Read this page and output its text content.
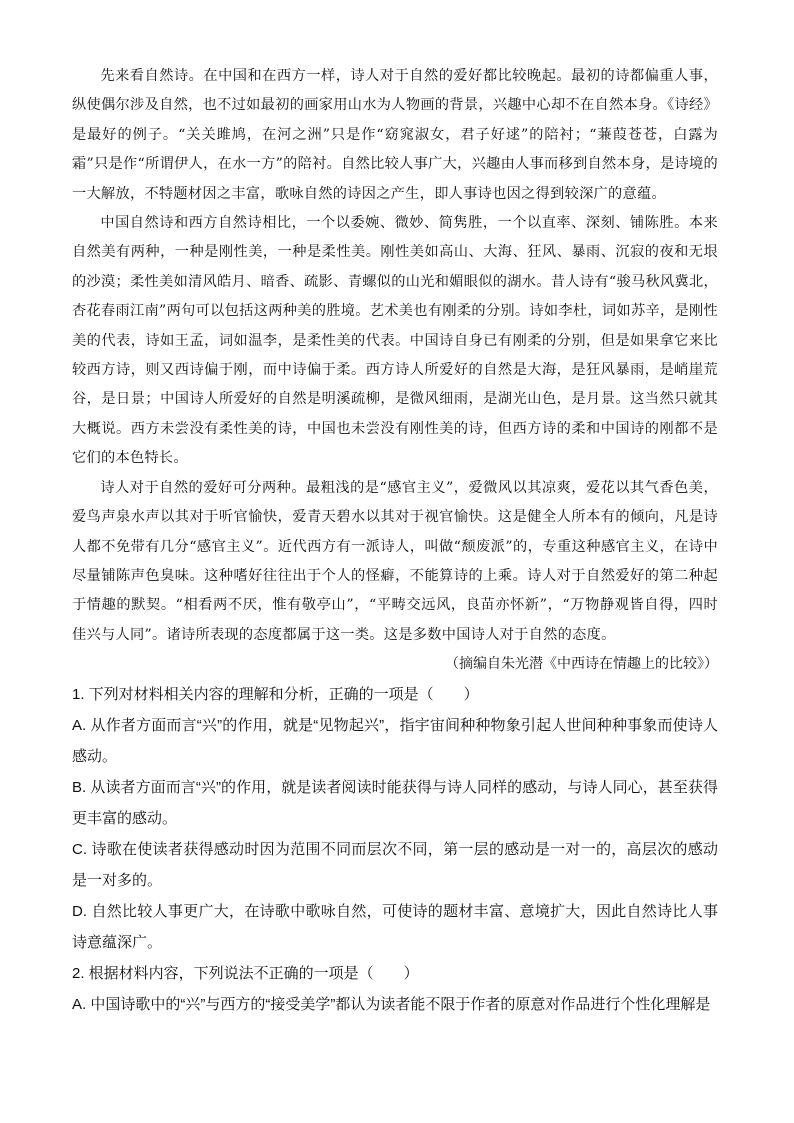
先来看自然诗。在中国和在西方一样，诗人对于自然的爱好都比较晚起。最初的诗都偏重人事，纵使偶尔涉及自然，也不过如最初的画家用山水为人物画的背景，兴趣中心却不在自然本身。《诗经》是最好的例子。“关关雎鸠，在河之洲”只是作“窈窕淑女，君子好逑”的陪衬；“蒹葭苍苍，白露为霜”只是作“所谓伊人，在水一方”的陪衬。自然比较人事广大，兴趣由人事而移到自然本身，是诗境的一大解放，不特题材因之丰富，歌咏自然的诗因之产生，即人事诗也因之得到较深广的意蕴。

中国自然诗和西方自然诗相比，一个以委婉、微妙、简隽胜，一个以直率、深刻、铺陈胜。本来自然美有两种，一种是刚性美，一种是柔性美。刚性美如高山、大海、狂风、暴雨、沉寂的夜和无垠的沙漠；柔性美如清风皓月、暗香、疏影、青螺似的山光和媚眼似的湖水。昔人诗有“骏马秋风冀北，杏花春雨江南”两句可以包括这两种美的胜境。艺术美也有刚柔的分别。诗如李杜，词如苏辛，是刚性美的代表，诗如王孟，词如温李，是柔性美的代表。中国诗自身已有刚柔的分别，但是如果拿它来比较西方诗，则又西诗偏于刚，而中诗偏于柔。西方诗人所爱好的自然是大海，是狂风暴雨，是峭崖荒谷，是日景；中国诗人所爱好的自然是明溪疏柳，是微风细雨，是湖光山色，是月景。这当然只就其大概说。西方未尝没有柔性美的诗，中国也未尝没有刚性美的诗，但西方诗的柔和中国诗的刚都不是它们的本色特长。

诗人对于自然的爱好可分两种。最粗浅的是“感官主义”，爱微风以其凉爽，爱花以其气香色美，爱鸟声泉水声以其对于听官愉快，爱青天碧水以其对于视官愉快。这是健全人所本有的倾向，凡是诗人都不免带有几分“感官主义”。近代西方有一派诗人，叫做“颓废派”的，专重这种感官主义，在诗中尽量铺陈声色臭味。这种嗜好往往出于个人的怪癖，不能算诗的上乘。诗人对于自然爱好的第二种起于情趣的默契。“相看两不厌，惟有敬亭山”，“平畴交远风，良苗亦怀新”，“万物静观皆自得，四时佳兴与人同”。诸诗所表现的态度都属于这一类。这是多数中国诗人对于自然的态度。

（摘编自朱光潜《中西诗在情趣上的比较》）

1. 下列对材料相关内容的理解和分析，正确的一项是（　　）

A. 从作者方面而言“兴”的作用，就是“见物起兴”，指宇宙间种种物象引起人世间种种事象而使诗人感动。

B. 从读者方面而言“兴”的作用，就是读者阅读时能获得与诗人同样的感动，与诗人同心，甚至获得更丰富的感动。

C. 诗歌在使读者获得感动时因为范围不同而层次不同，第一层的感动是一对一的，高层次的感动是一对多的。

D. 自然比较人事更广大，在诗歌中歌咏自然，可使诗的题材丰富、意境扩大，因此自然诗比人事诗意蕴深广。

2. 根据材料内容，下列说法不正确的一项是（　　）

A. 中国诗歌中的“兴”与西方的“接受美学”都认为读者能不限于作者的原意对作品进行个性化理解是
